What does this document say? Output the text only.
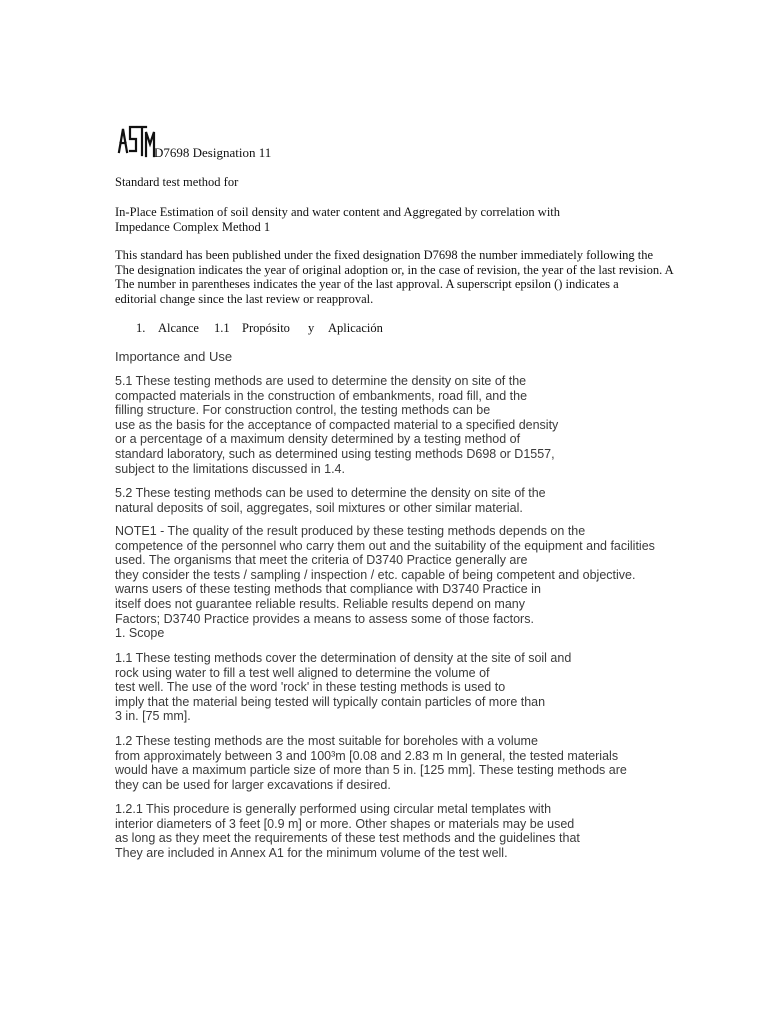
D7698 Designation 11
Standard test method for
In-Place Estimation of soil density and water content and Aggregated by correlation with
Impedance Complex Method 1
This standard has been published under the fixed designation D7698 the number immediately following the
The designation indicates the year of original adoption or, in the case of revision, the year of the last revision. A
The number in parentheses indicates the year of the last approval. A superscript epsilon () indicates a
editorial change since the last review or reapproval.
1. Alcance 1.1 Propósito y Aplicación
Importance and Use
5.1 These testing methods are used to determine the density on site of the
compacted materials in the construction of embankments, road fill, and the
filling structure. For construction control, the testing methods can be
use as the basis for the acceptance of compacted material to a specified density
or a percentage of a maximum density determined by a testing method of
standard laboratory, such as determined using testing methods D698 or D1557,
subject to the limitations discussed in 1.4.
5.2 These testing methods can be used to determine the density on site of the
natural deposits of soil, aggregates, soil mixtures or other similar material.
NOTE1 - The quality of the result produced by these testing methods depends on the
competence of the personnel who carry them out and the suitability of the equipment and facilities
used. The organisms that meet the criteria of D3740 Practice generally are
they consider the tests / sampling / inspection / etc. capable of being competent and objective.
warns users of these testing methods that compliance with D3740 Practice in
itself does not guarantee reliable results. Reliable results depend on many
Factors; D3740 Practice provides a means to assess some of those factors.
1. Scope
1.1 These testing methods cover the determination of density at the site of soil and
rock using water to fill a test well aligned to determine the volume of
test well. The use of the word 'rock' in these testing methods is used to
imply that the material being tested will typically contain particles of more than
3 in. [75 mm].
1.2 These testing methods are the most suitable for boreholes with a volume
from approximately between 3 and 100³m [0.08 and 2.83 m In general, the tested materials
would have a maximum particle size of more than 5 in. [125 mm]. These testing methods are
they can be used for larger excavations if desired.
1.2.1 This procedure is generally performed using circular metal templates with
interior diameters of 3 feet [0.9 m] or more. Other shapes or materials may be used
as long as they meet the requirements of these test methods and the guidelines that
They are included in Annex A1 for the minimum volume of the test well.
